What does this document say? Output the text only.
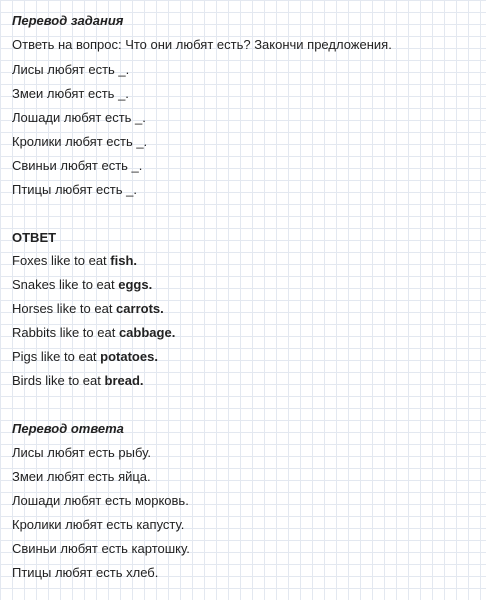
Перевод задания

Ответь на вопрос: Что они любят есть? Закончи предложения.

Лисы любят есть _.

Змеи любят есть _.

Лошади любят есть _.

Кролики любят есть _.

Свиньи любят есть _.

Птицы любят есть _.

ОТВЕТ

Foxes like to eat fish.

Snakes like to eat eggs.

Horses like to eat carrots.

Rabbits like to eat cabbage.

Pigs like to eat potatoes.

Birds like to eat bread.

Перевод ответа

Лисы любят есть рыбу.

Змеи любят есть яйца.

Лошади любят есть морковь.

Кролики любят есть капусту.

Свиньи любят есть картошку.

Птицы любят есть хлеб.
